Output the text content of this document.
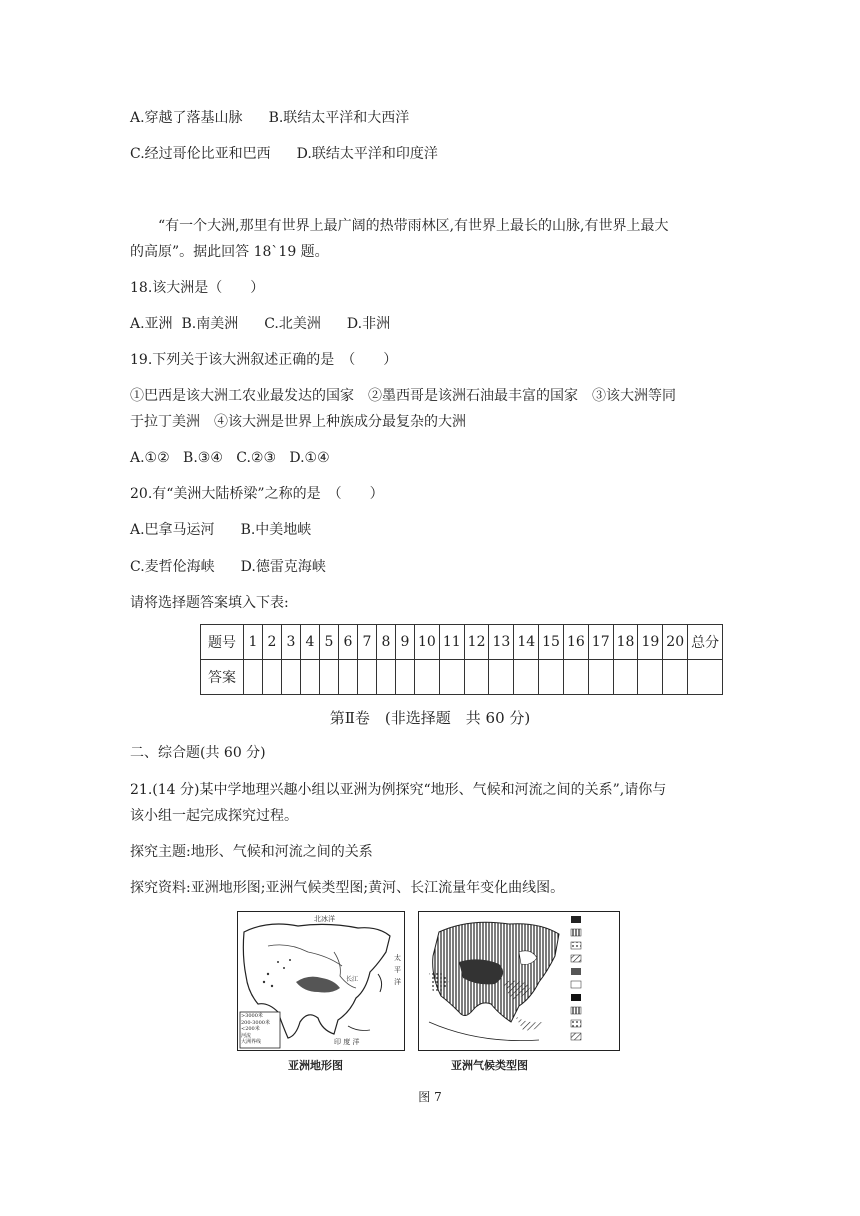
A.穿越了落基山脉 B.联结太平洋和大西洋
C.经过哥伦比亚和巴西 D.联结太平洋和印度洋
“有一个大洲,那里有世界上最广阔的热带雨林区,有世界上最长的山脉,有世界上最大
的高原”。据此回答 18`19 题。
18.该大洲是（　　）
A.亚洲 B.南美洲 C.北美洲 D.非洲
19.下列关于该大洲叙述正确的是　（　　）
①巴西是该大洲工农业最发达的国家　②墨西哥是该洲石油最丰富的国家　③该大洲等同
于拉丁美洲　④该大洲是世界上种族成分最复杂的大洲
A.①② B.③④ C.②③ D.①④
20.有“美洲大陆桥梁”之称的是　（　　）
A.巴拿马运河 B.中美地峡
C.麦哲伦海峡 D.德雷克海峡
请将选择题答案填入下表:
题号	1	2	3	4	5	6	7	8	9	10	11	12	13	14	15	16	17	18	19	20	总分
答案																					
第Ⅱ卷　(非选择题　共 60 分)
二、综合题(共 60 分)
21.(14 分)某中学地理兴趣小组以亚洲为例探究“地形、气候和河流之间的关系”,请你与
该小组一起完成探究过程。
探究主题:地形、气候和河流之间的关系
探究资料:亚洲地形图;亚洲气候类型图;黄河、长江流量年变化曲线图。
北冰洋
太平洋
印 度 洋
长江
>3000米
200-3000米
<200米
河流
大洲界线
亚洲地形图	亚洲气候类型图
图 7
